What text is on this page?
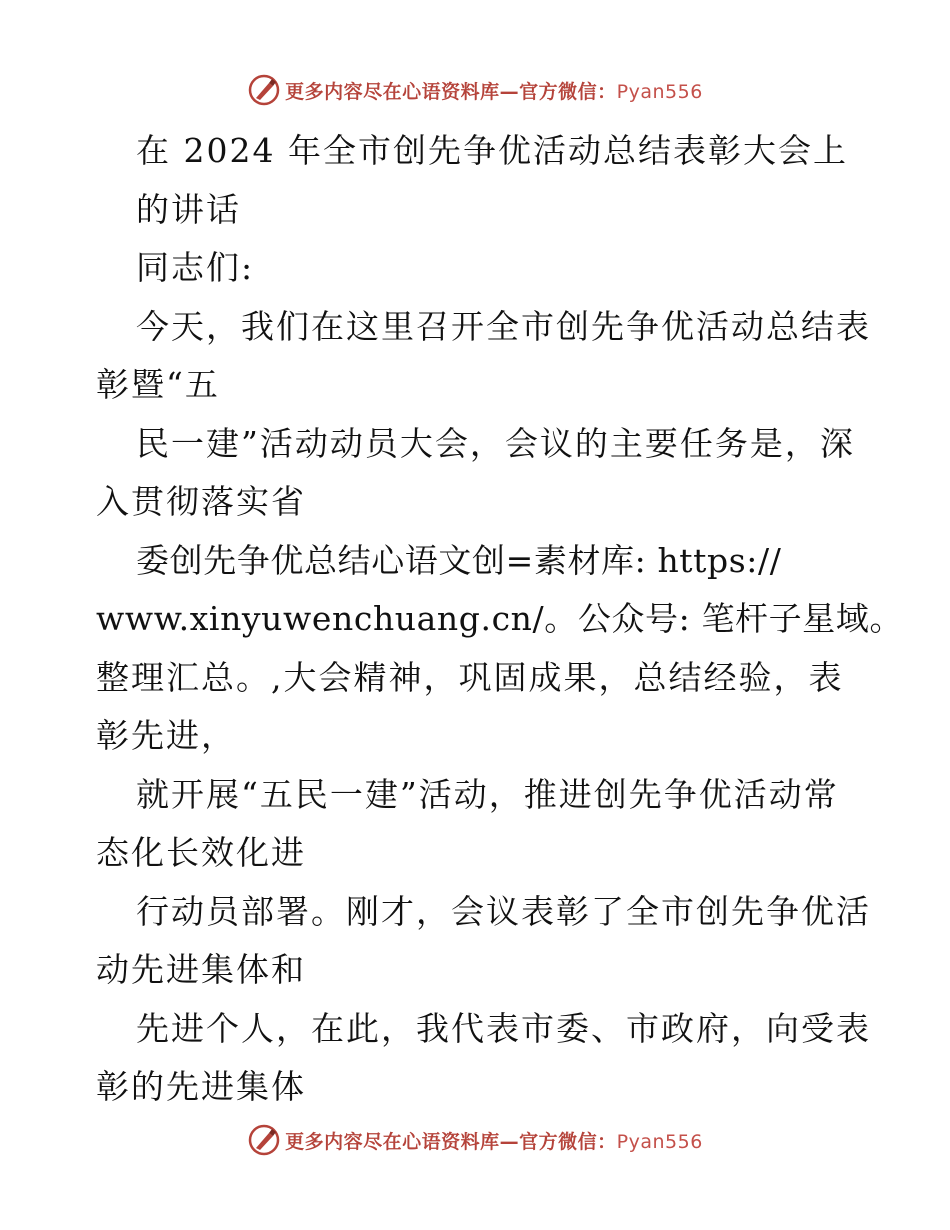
更多内容尽在心语资料库—官方微信：Pyan556
在 2024 年全市创先争优活动总结表彰大会上
的讲话
同志们:
今天，我们在这里召开全市创先争优活动总结表
彰暨“五
民一建”活动动员大会，会议的主要任务是，深
入贯彻落实省
委创先争优总结心语文创=素材库: https://
www.xinyuwenchuang.cn/。公众号: 笔杆子星域。
整理汇总。,大会精神，巩固成果，总结经验，表
彰先进，
就开展“五民一建”活动，推进创先争优活动常
态化长效化进
行动员部署。刚才，会议表彰了全市创先争优活
动先进集体和
先进个人，在此，我代表市委、市政府，向受表
彰的先进集体
更多内容尽在心语资料库—官方微信：Pyan556
